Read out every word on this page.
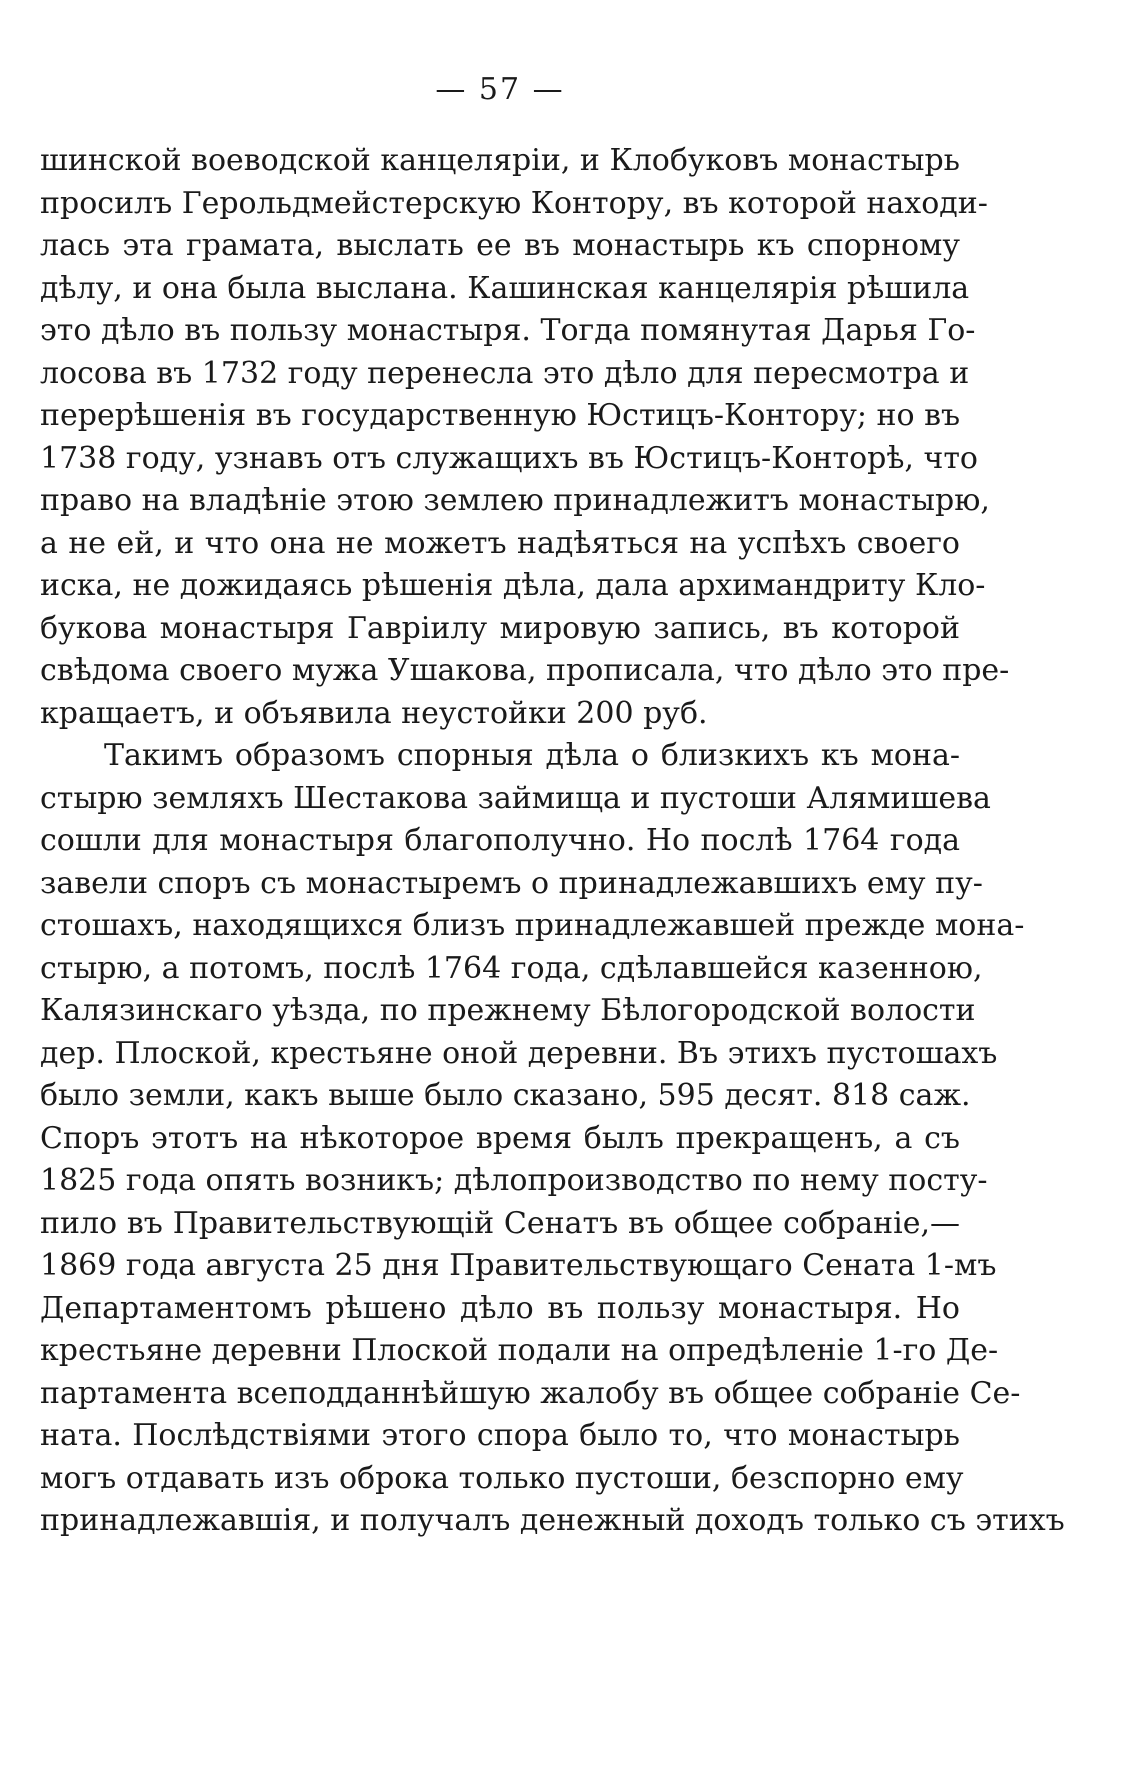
— 57 —
шинской воеводской канцеляріи, и Клобуковъ монастырь
просилъ Герольдмейстерскую Контору, въ которой находи-
лась эта грамата, выслать ее въ монастырь къ спорному
дѣлу, и она была выслана. Кашинская канцелярія рѣшила
это дѣло въ пользу монастыря. Тогда помянутая Дарья Го-
лосова въ 1732 году перенесла это дѣло для пересмотра и
перерѣшенія въ государственную Юстицъ-Контору; но въ
1738 году, узнавъ отъ служащихъ въ Юстицъ-Конторѣ, что
право на владѣніе этою землею принадлежитъ монастырю,
а не ей, и что она не можетъ надѣяться на успѣхъ своего
иска, не дожидаясь рѣшенія дѣла, дала архимандриту Кло-
букова монастыря Гавріилу мировую запись, въ которой
свѣдома своего мужа Ушакова, прописала, что дѣло это пре-
кращаетъ, и объявила неустойки 200 руб.
Такимъ образомъ спорныя дѣла о близкихъ къ мона-
стырю земляхъ Шестакова займища и пустоши Алямишева
сошли для монастыря благополучно. Но послѣ 1764 года
завели споръ съ монастыремъ о принадлежавшихъ ему пу-
стошахъ, находящихся близъ принадлежавшей прежде мона-
стырю, а потомъ, послѣ 1764 года, сдѣлавшейся казенною,
Калязинскаго уѣзда, по прежнему Бѣлогородской волости
дер. Плоской, крестьяне оной деревни. Въ этихъ пустошахъ
было земли, какъ выше было сказано, 595 десят. 818 саж.
Споръ этотъ на нѣкоторое время былъ прекращенъ, а съ
1825 года опять возникъ; дѣлопроизводство по нему посту-
пило въ Правительствующій Сенатъ въ общее собраніе,—
1869 года августа 25 дня Правительствующаго Сената 1-мъ
Департаментомъ рѣшено дѣло въ пользу монастыря. Но
крестьяне деревни Плоской подали на опредѣленіе 1-го Де-
партамента всеподданнѣйшую жалобу въ общее собраніе Се-
ната. Послѣдствіями этого спора было то, что монастырь
могъ отдавать изъ оброка только пустоши, безспорно ему
принадлежавшія, и получалъ денежный доходъ только съ этихъ
